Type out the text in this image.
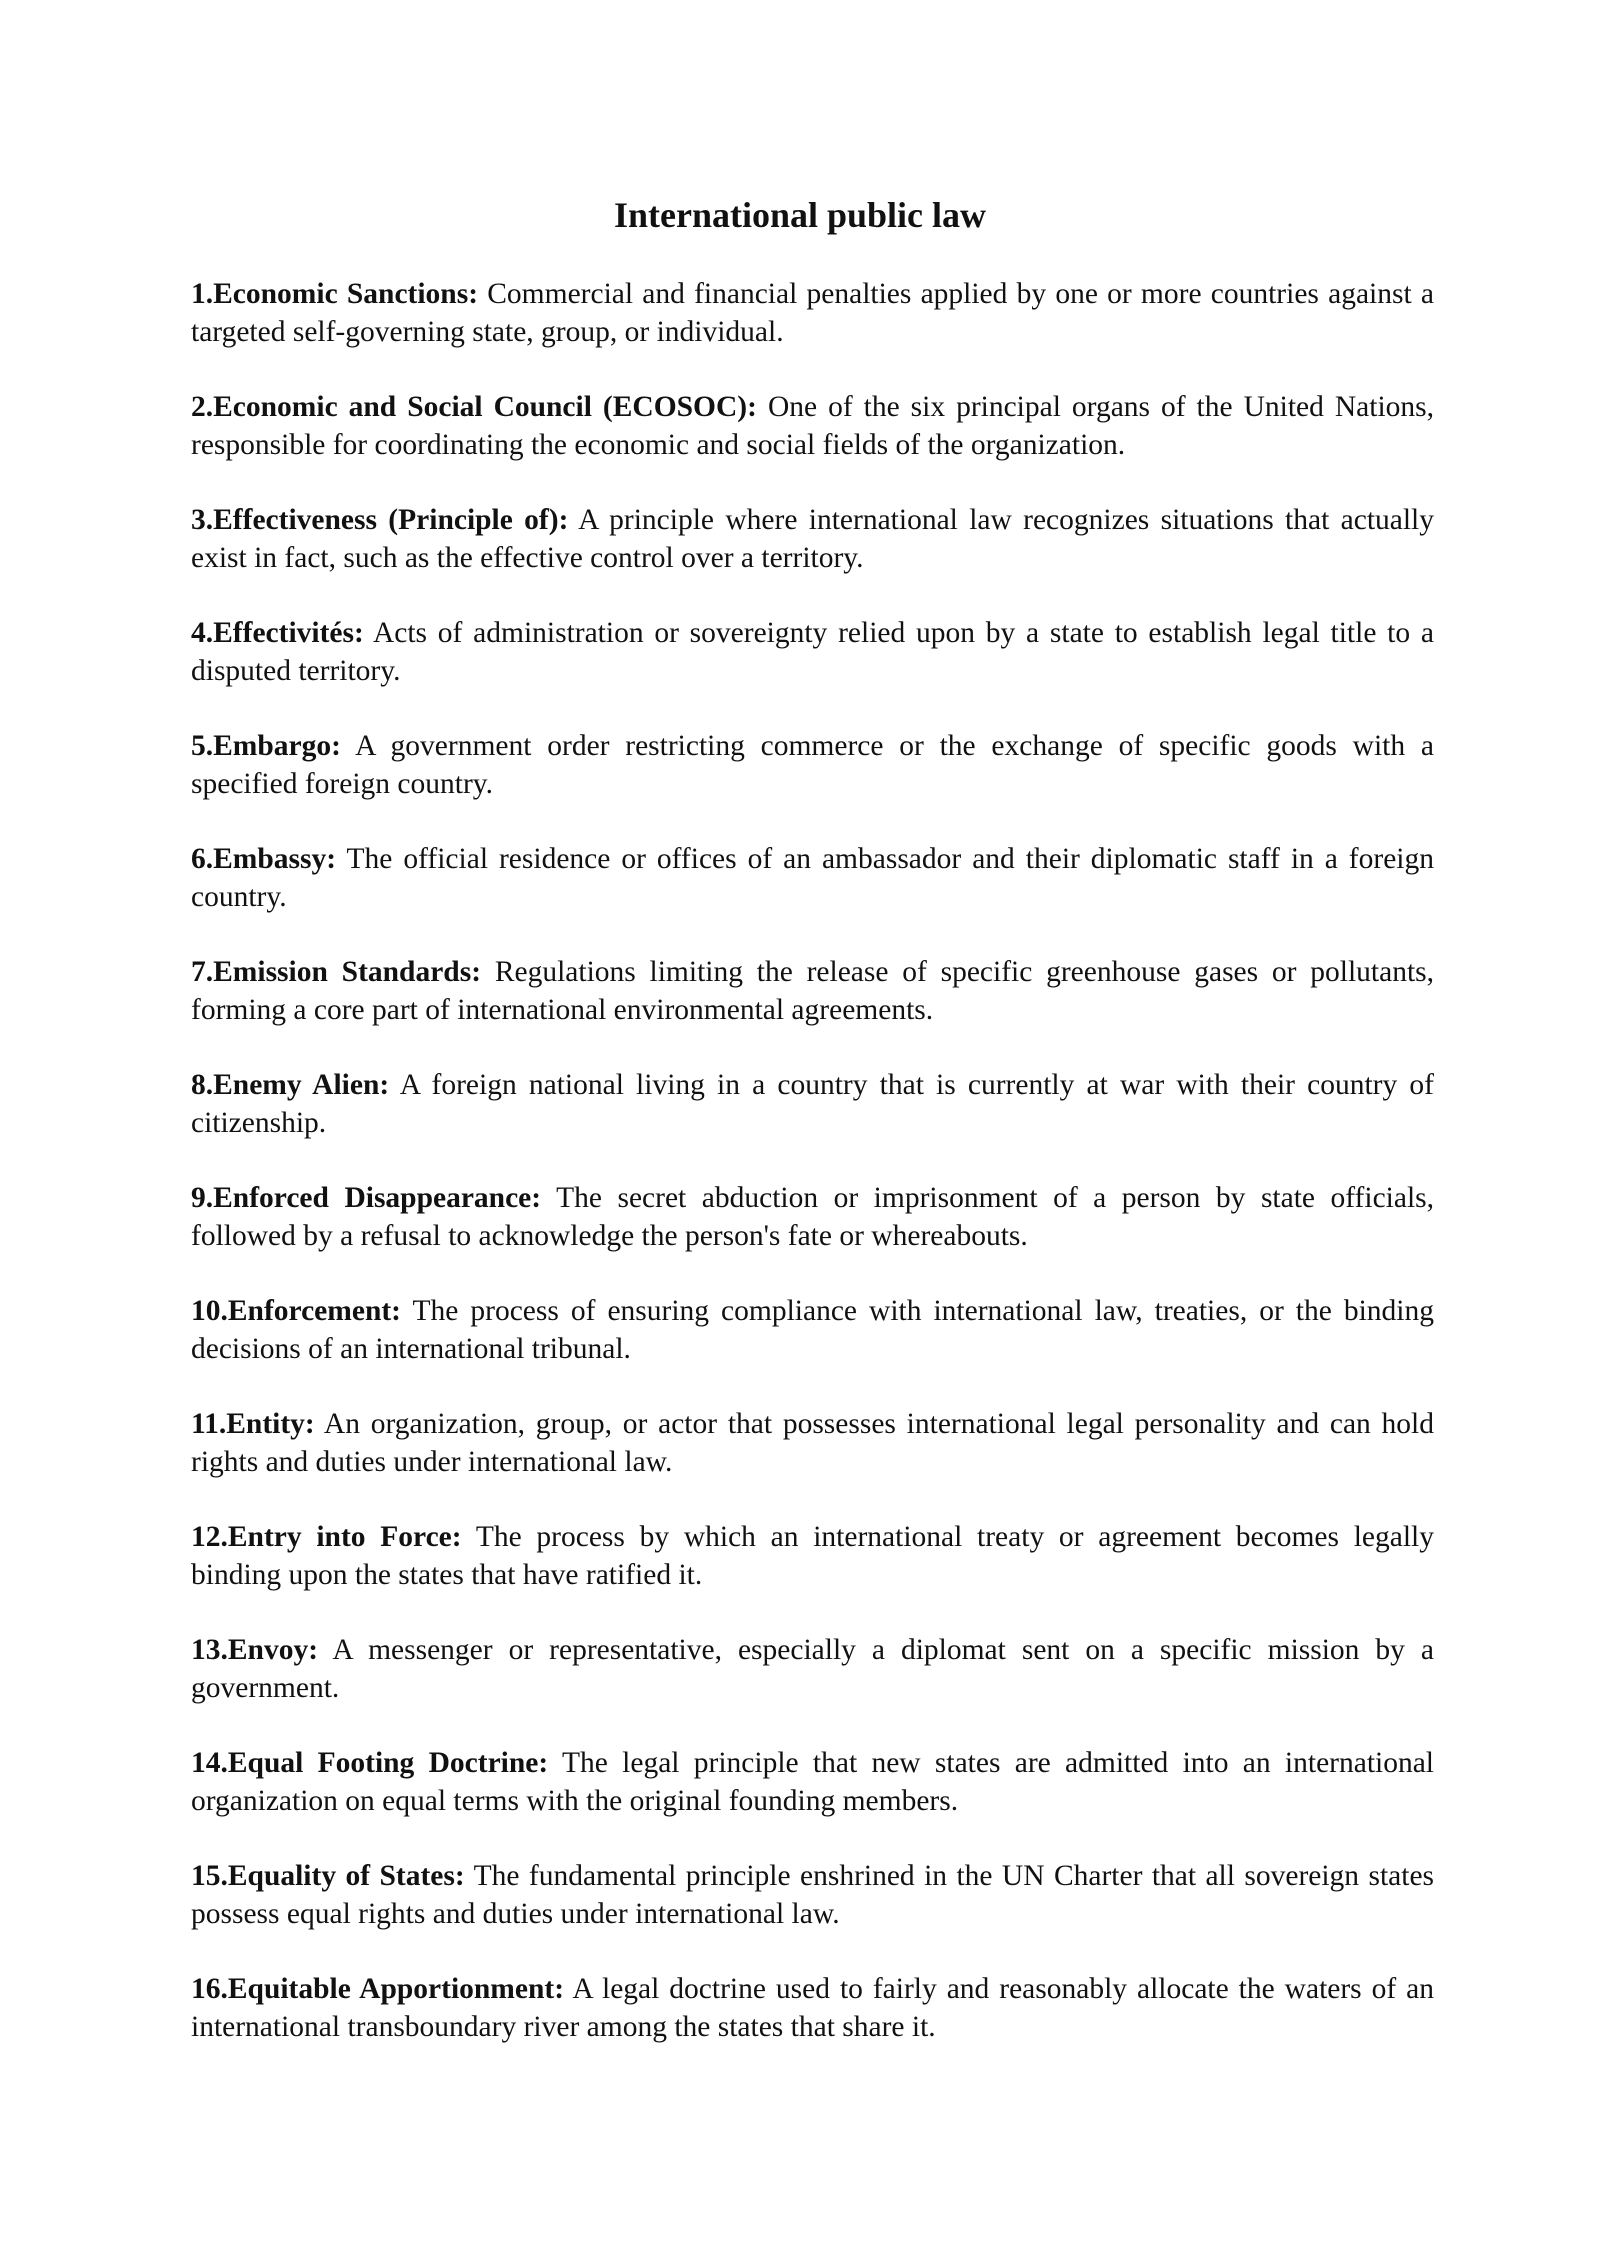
International public law
1.Economic Sanctions: Commercial and financial penalties applied by one or more countries against a targeted self-governing state, group, or individual.
2.Economic and Social Council (ECOSOC): One of the six principal organs of the United Nations, responsible for coordinating the economic and social fields of the organization.
3.Effectiveness (Principle of): A principle where international law recognizes situations that actually exist in fact, such as the effective control over a territory.
4.Effectivités: Acts of administration or sovereignty relied upon by a state to establish legal title to a disputed territory.
5.Embargo: A government order restricting commerce or the exchange of specific goods with a specified foreign country.
6.Embassy: The official residence or offices of an ambassador and their diplomatic staff in a foreign country.
7.Emission Standards: Regulations limiting the release of specific greenhouse gases or pollutants, forming a core part of international environmental agreements.
8.Enemy Alien: A foreign national living in a country that is currently at war with their country of citizenship.
9.Enforced Disappearance: The secret abduction or imprisonment of a person by state officials, followed by a refusal to acknowledge the person's fate or whereabouts.
10.Enforcement: The process of ensuring compliance with international law, treaties, or the binding decisions of an international tribunal.
11.Entity: An organization, group, or actor that possesses international legal personality and can hold rights and duties under international law.
12.Entry into Force: The process by which an international treaty or agreement becomes legally binding upon the states that have ratified it.
13.Envoy: A messenger or representative, especially a diplomat sent on a specific mission by a government.
14.Equal Footing Doctrine: The legal principle that new states are admitted into an international organization on equal terms with the original founding members.
15.Equality of States: The fundamental principle enshrined in the UN Charter that all sovereign states possess equal rights and duties under international law.
16.Equitable Apportionment: A legal doctrine used to fairly and reasonably allocate the waters of an international transboundary river among the states that share it.
